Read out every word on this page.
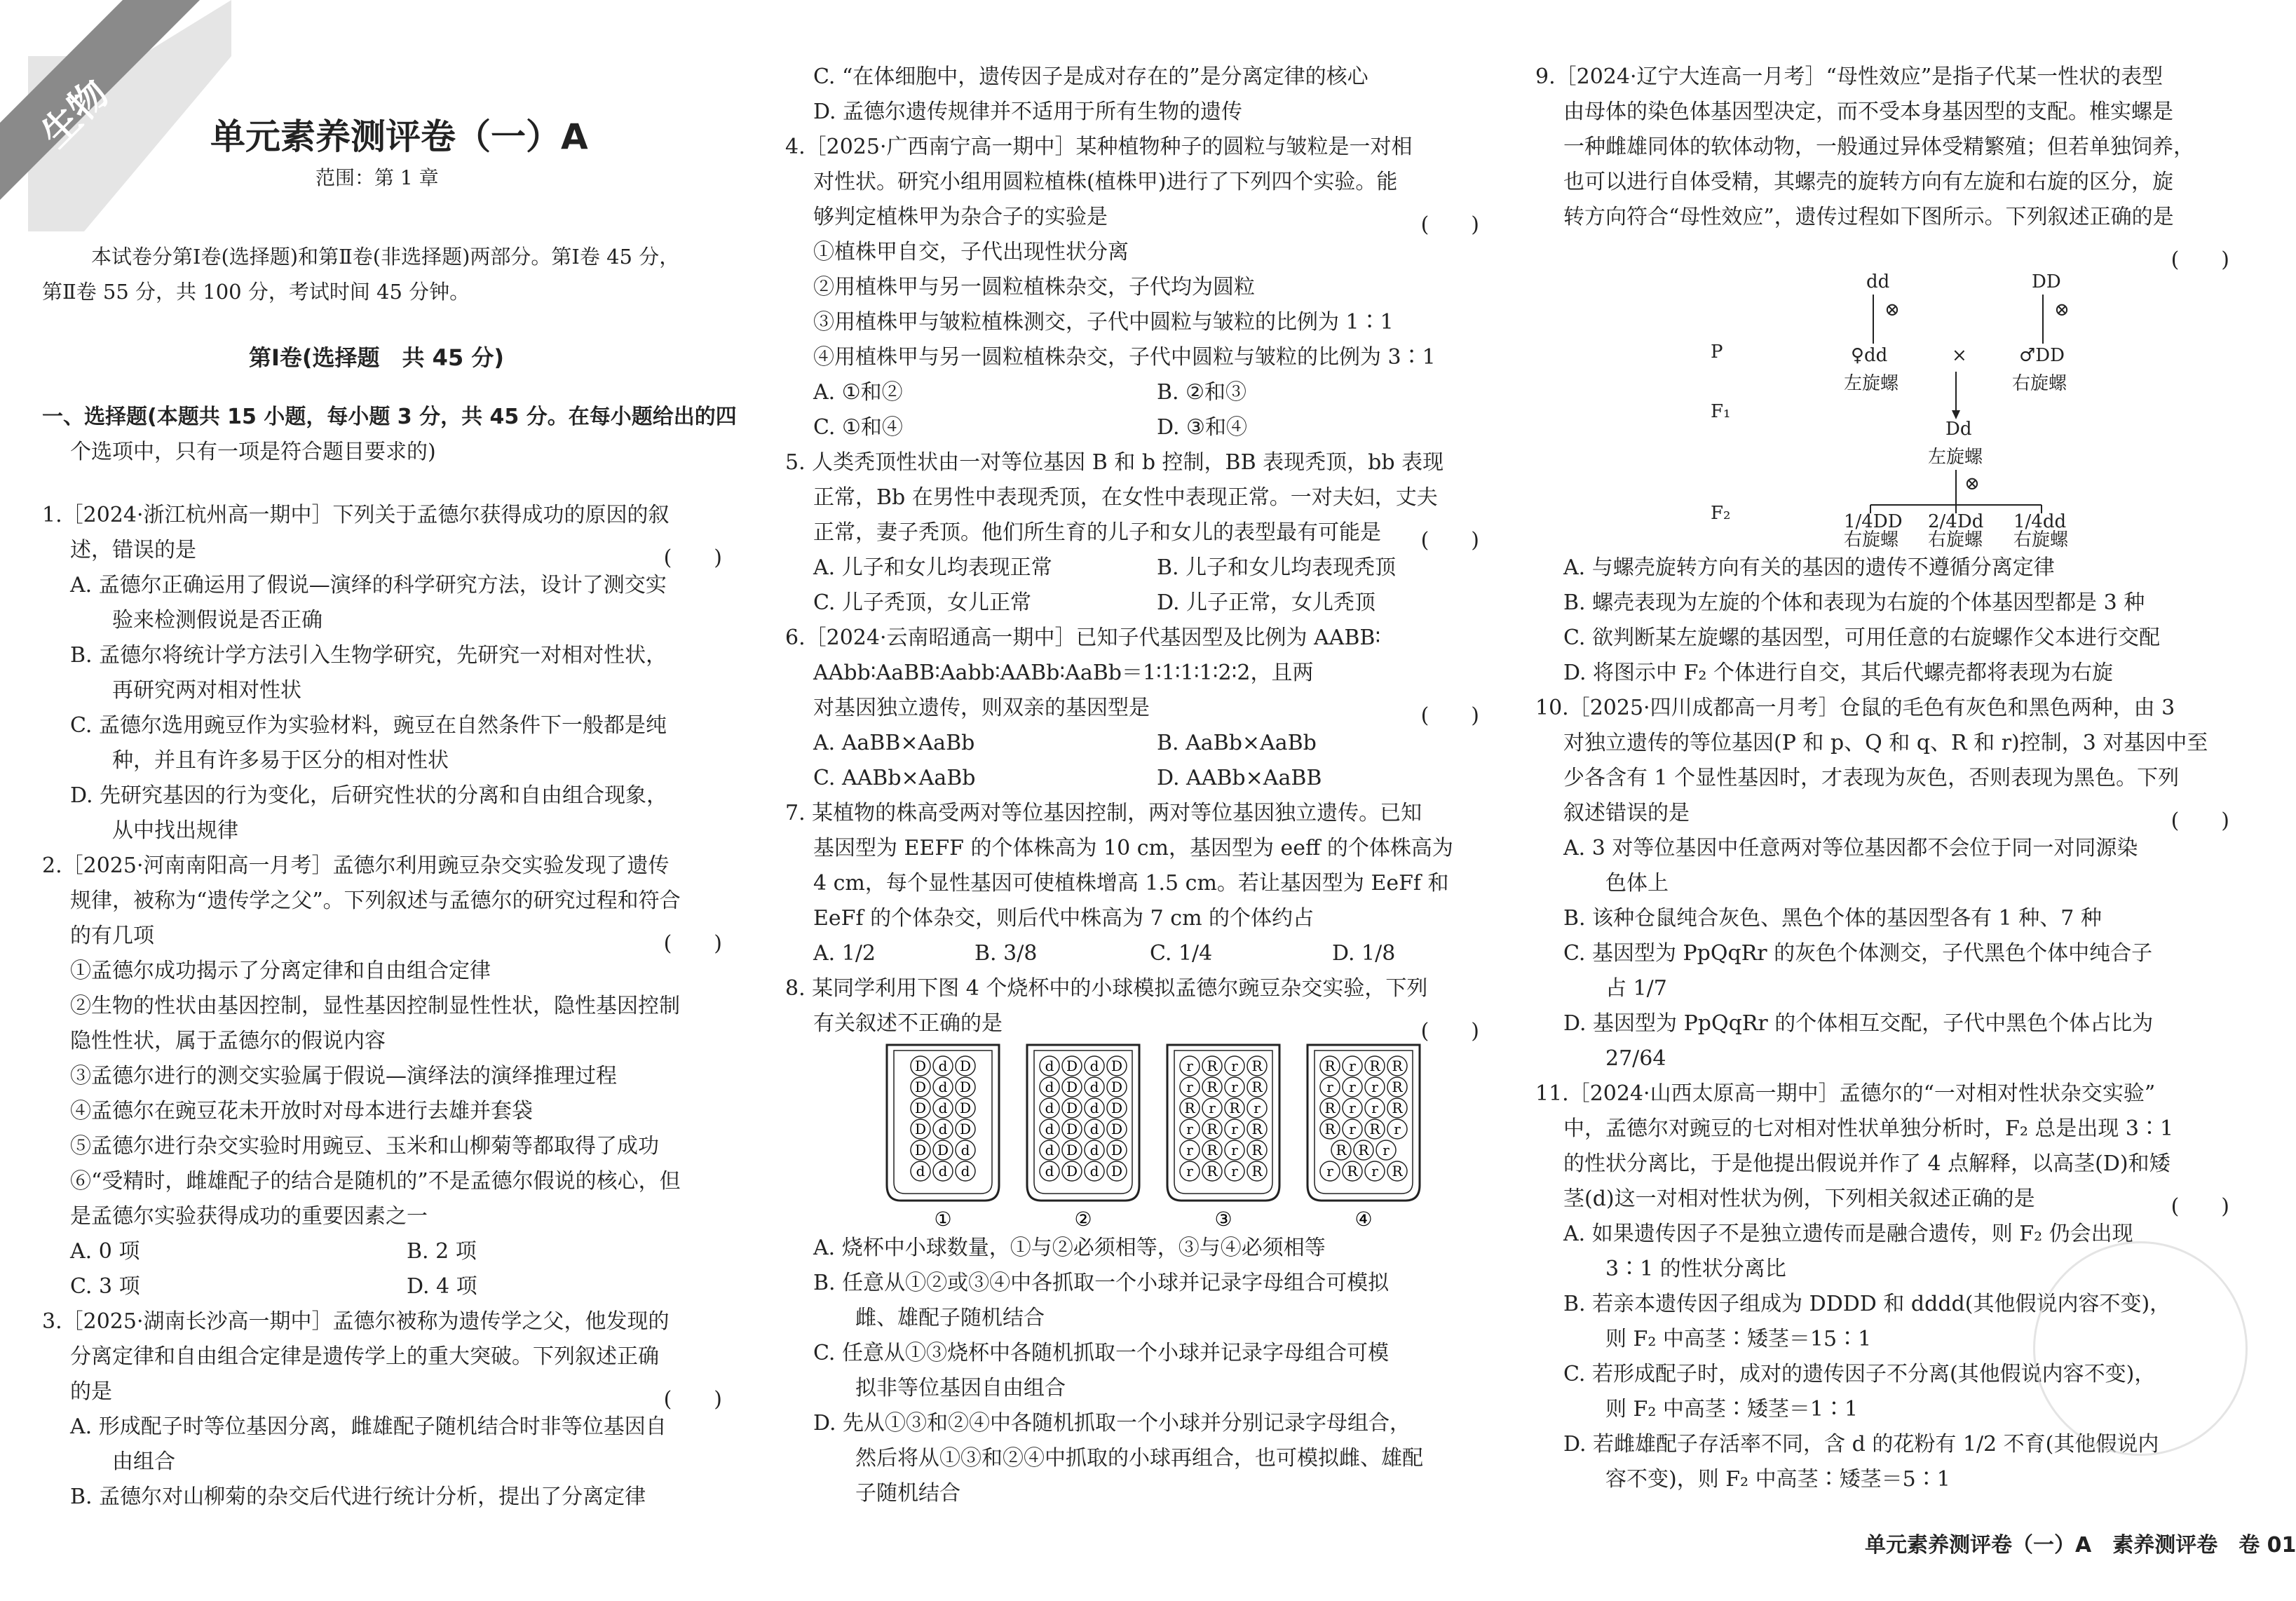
生物	单元素养测评卷（一）A
范围：第 1 章
本试卷分第Ⅰ卷(选择题)和第Ⅱ卷(非选择题)两部分。第Ⅰ卷 45 分，
第Ⅱ卷 55 分，共 100 分，考试时间 45 分钟。
第Ⅰ卷(选择题　共 45 分)
一、选择题(本题共 15 小题，每小题 3 分，共 45 分。在每小题给出的四
个选项中，只有一项是符合题目要求的)
1.［2024·浙江杭州高一期中］下列关于孟德尔获得成功的原因的叙
述，错误的是
A. 孟德尔正确运用了假说—演绎的科学研究方法，设计了测交实
验来检测假说是否正确
B. 孟德尔将统计学方法引入生物学研究，先研究一对相对性状，
再研究两对相对性状
C. 孟德尔选用豌豆作为实验材料，豌豆在自然条件下一般都是纯
种，并且有许多易于区分的相对性状
D. 先研究基因的行为变化，后研究性状的分离和自由组合现象，
从中找出规律
2.［2025·河南南阳高一月考］孟德尔利用豌豆杂交实验发现了遗传
规律，被称为“遗传学之父”。下列叙述与孟德尔的研究过程和符合
的有几项
①孟德尔成功揭示了分离定律和自由组合定律
②生物的性状由基因控制，显性基因控制显性性状，隐性基因控制
隐性性状，属于孟德尔的假说内容
③孟德尔进行的测交实验属于假说—演绎法的演绎推理过程
④孟德尔在豌豆花未开放时对母本进行去雄并套袋
⑤孟德尔进行杂交实验时用豌豆、玉米和山柳菊等都取得了成功
⑥“受精时，雌雄配子的结合是随机的”不是孟德尔假说的核心，但
是孟德尔实验获得成功的重要因素之一
A. 0 项	B. 2 项
C. 3 项	D. 4 项
3.［2025·湖南长沙高一期中］孟德尔被称为遗传学之父，他发现的
分离定律和自由组合定律是遗传学上的重大突破。下列叙述正确
的是
A. 形成配子时等位基因分离，雌雄配子随机结合时非等位基因自
由组合
B. 孟德尔对山柳菊的杂交后代进行统计分析，提出了分离定律
(　　)
(　　)
(　　)
C. “在体细胞中，遗传因子是成对存在的”是分离定律的核心
D. 孟德尔遗传规律并不适用于所有生物的遗传
4.［2025·广西南宁高一期中］某种植物种子的圆粒与皱粒是一对相
对性状。研究小组用圆粒植株(植株甲)进行了下列四个实验。能
够判定植株甲为杂合子的实验是
①植株甲自交，子代出现性状分离
②用植株甲与另一圆粒植株杂交，子代均为圆粒
③用植株甲与皱粒植株测交，子代中圆粒与皱粒的比例为 1∶1
④用植株甲与另一圆粒植株杂交，子代中圆粒与皱粒的比例为 3∶1
A. ①和②	B. ②和③
C. ①和④	D. ③和④
5. 人类秃顶性状由一对等位基因 B 和 b 控制，BB 表现秃顶，bb 表现
正常，Bb 在男性中表现秃顶，在女性中表现正常。一对夫妇，丈夫
正常，妻子秃顶。他们所生育的儿子和女儿的表型最有可能是
A. 儿子和女儿均表现正常	B. 儿子和女儿均表现秃顶
C. 儿子秃顶，女儿正常	D. 儿子正常，女儿秃顶
6.［2024·云南昭通高一期中］已知子代基因型及比例为 AABB∶
AAbb∶AaBB∶Aabb∶AABb∶AaBb＝1∶1∶1∶1∶2∶2，且两
对基因独立遗传，则双亲的基因型是
A. AaBB×AaBb	B. AaBb×AaBb
C. AABb×AaBb	D. AABb×AaBB
7. 某植物的株高受两对等位基因控制，两对等位基因独立遗传。已知
基因型为 EEFF 的个体株高为 10 cm，基因型为 eeff 的个体株高为
4 cm，每个显性基因可使植株增高 1.5 cm。若让基因型为 EeFf 和
EeFf 的个体杂交，则后代中株高为 7 cm 的个体约占
A. 1/2	B. 3/8	C. 1/4	D. 1/8
8. 某同学利用下图 4 个烧杯中的小球模拟孟德尔豌豆杂交实验，下列
有关叙述不正确的是
A. 烧杯中小球数量，①与②必须相等，③与④必须相等
B. 任意从①②或③④中各抓取一个小球并记录字母组合可模拟
雌、雄配子随机结合
C. 任意从①③烧杯中各随机抓取一个小球并记录字母组合可模
拟非等位基因自由组合
D. 先从①③和②④中各随机抓取一个小球并分别记录字母组合，
然后将从①③和②④中抓取的小球再组合，也可模拟雌、雄配
子随机结合
(　　)
(　　)
(　　)
(　　)
9.［2024·辽宁大连高一月考］“母性效应”是指子代某一性状的表型
由母体的染色体基因型决定，而不受本身基因型的支配。椎实螺是
一种雌雄同体的软体动物，一般通过异体受精繁殖；但若单独饲养，
也可以进行自体受精，其螺壳的旋转方向有左旋和右旋的区分，旋
转方向符合“母性效应”，遗传过程如下图所示。下列叙述正确的是
A. 与螺壳旋转方向有关的基因的遗传不遵循分离定律
B. 螺壳表现为左旋的个体和表现为右旋的个体基因型都是 3 种
C. 欲判断某左旋螺的基因型，可用任意的右旋螺作父本进行交配
D. 将图示中 F₂ 个体进行自交，其后代螺壳都将表现为右旋
10.［2025·四川成都高一月考］仓鼠的毛色有灰色和黑色两种，由 3
对独立遗传的等位基因(P 和 p、Q 和 q、R 和 r)控制，3 对基因中至
少各含有 1 个显性基因时，才表现为灰色，否则表现为黑色。下列
叙述错误的是
A. 3 对等位基因中任意两对等位基因都不会位于同一对同源染
色体上
B. 该种仓鼠纯合灰色、黑色个体的基因型各有 1 种、7 种
C. 基因型为 PpQqRr 的灰色个体测交，子代黑色个体中纯合子
占 1/7
D. 基因型为 PpQqRr 的个体相互交配，子代中黑色个体占比为
27/64
11.［2024·山西太原高一期中］孟德尔的“一对相对性状杂交实验”
中，孟德尔对豌豆的七对相对性状单独分析时，F₂ 总是出现 3∶1
的性状分离比，于是他提出假说并作了 4 点解释，以高茎(D)和矮
茎(d)这一对相对性状为例，下列相关叙述正确的是
A. 如果遗传因子不是独立遗传而是融合遗传，则 F₂ 仍会出现
3∶1 的性状分离比
B. 若亲本遗传因子组成为 DDDD 和 dddd(其他假说内容不变)，
则 F₂ 中高茎∶矮茎＝15∶1
C. 若形成配子时，成对的遗传因子不分离(其他假说内容不变)，
则 F₂ 中高茎∶矮茎＝1∶1
D. 若雌雄配子存活率不同，含 d 的花粉有 1/2 不育(其他假说内
容不变)，则 F₂ 中高茎∶矮茎＝5∶1
(　　)
(　　)
(　　)
D d D
D d D
D d D
D d D
D D d
d d d
①
d D d D
d D d D
d D d D
d D d D
d D d D
d D d D
②
r R r R
r R r R
R r R r
r R r R
r R r R
r R r R
③
R r R R
r r r R
R r r R
R r R r
R R r
r R r R
④
dd	DD
⊗	⊗
P	♀dd	×	♂DD
左旋螺	右旋螺
F₁
Dd
左旋螺
⊗
F₂	1/4DD 2/4Dd 1/4dd
右旋螺 右旋螺 右旋螺
单元素养测评卷（一）A　素养测评卷　卷 01
